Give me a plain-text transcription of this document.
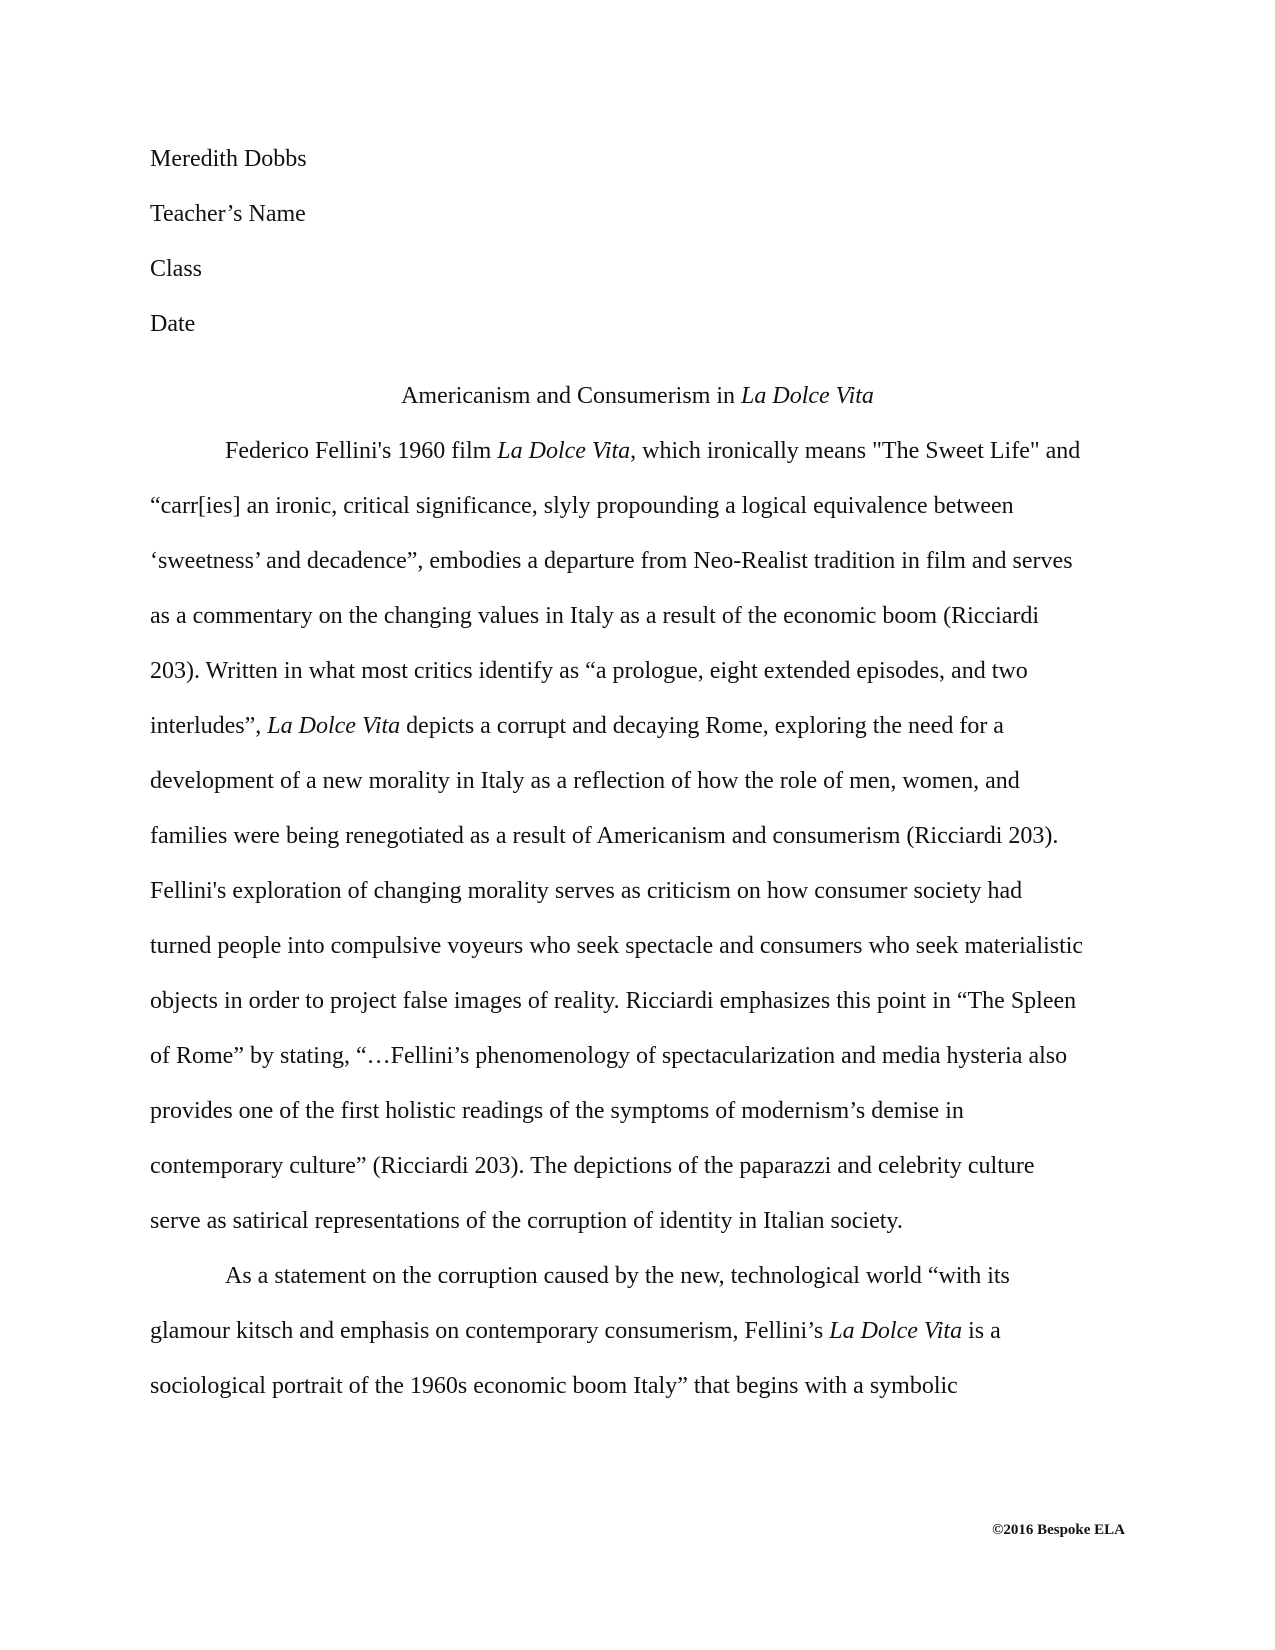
Meredith Dobbs
Teacher’s Name
Class
Date
Americanism and Consumerism in La Dolce Vita
Federico Fellini's 1960 film La Dolce Vita, which ironically means "The Sweet Life" and
“carr[ies] an ironic, critical significance, slyly propounding a logical equivalence between
‘sweetness’ and decadence”, embodies a departure from Neo-Realist tradition in film and serves
as a commentary on the changing values in Italy as a result of the economic boom (Ricciardi
203). Written in what most critics identify as “a prologue, eight extended episodes, and two
interludes”, La Dolce Vita depicts a corrupt and decaying Rome, exploring the need for a
development of a new morality in Italy as a reflection of how the role of men, women, and
families were being renegotiated as a result of Americanism and consumerism (Ricciardi 203).
Fellini's exploration of changing morality serves as criticism on how consumer society had
turned people into compulsive voyeurs who seek spectacle and consumers who seek materialistic
objects in order to project false images of reality. Ricciardi emphasizes this point in “The Spleen
of Rome” by stating, “…Fellini’s phenomenology of spectacularization and media hysteria also
provides one of the first holistic readings of the symptoms of modernism’s demise in
contemporary culture” (Ricciardi 203). The depictions of the paparazzi and celebrity culture
serve as satirical representations of the corruption of identity in Italian society.
As a statement on the corruption caused by the new, technological world “with its
glamour kitsch and emphasis on contemporary consumerism, Fellini’s La Dolce Vita is a
sociological portrait of the 1960s economic boom Italy” that begins with a symbolic
©2016 Bespoke ELA
